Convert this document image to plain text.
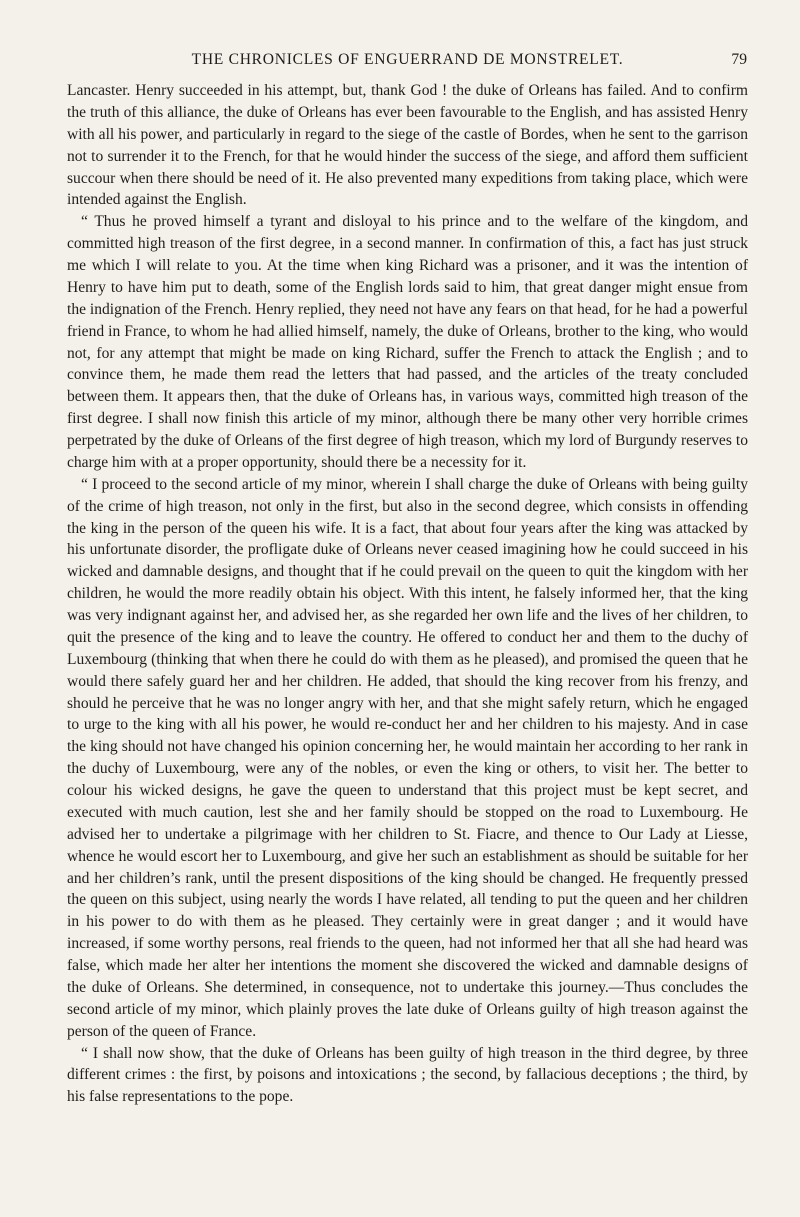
THE CHRONICLES OF ENGUERRAND DE MONSTRELET.	79

Lancaster. Henry succeeded in his attempt, but, thank God ! the duke of Orleans has failed. And to confirm the truth of this alliance, the duke of Orleans has ever been favourable to the English, and has assisted Henry with all his power, and particularly in regard to the siege of the castle of Bordes, when he sent to the garrison not to surrender it to the French, for that he would hinder the success of the siege, and afford them sufficient succour when there should be need of it. He also prevented many expeditions from taking place, which were intended against the English.

“ Thus he proved himself a tyrant and disloyal to his prince and to the welfare of the kingdom, and committed high treason of the first degree, in a second manner. In confirmation of this, a fact has just struck me which I will relate to you. At the time when king Richard was a prisoner, and it was the intention of Henry to have him put to death, some of the English lords said to him, that great danger might ensue from the indignation of the French. Henry replied, they need not have any fears on that head, for he had a powerful friend in France, to whom he had allied himself, namely, the duke of Orleans, brother to the king, who would not, for any attempt that might be made on king Richard, suffer the French to attack the English ; and to convince them, he made them read the letters that had passed, and the articles of the treaty concluded between them. It appears then, that the duke of Orleans has, in various ways, committed high treason of the first degree. I shall now finish this article of my minor, although there be many other very horrible crimes perpetrated by the duke of Orleans of the first degree of high treason, which my lord of Burgundy reserves to charge him with at a proper opportunity, should there be a necessity for it.

“ I proceed to the second article of my minor, wherein I shall charge the duke of Orleans with being guilty of the crime of high treason, not only in the first, but also in the second degree, which consists in offending the king in the person of the queen his wife. It is a fact, that about four years after the king was attacked by his unfortunate disorder, the profligate duke of Orleans never ceased imagining how he could succeed in his wicked and damnable designs, and thought that if he could prevail on the queen to quit the kingdom with her children, he would the more readily obtain his object. With this intent, he falsely informed her, that the king was very indignant against her, and advised her, as she regarded her own life and the lives of her children, to quit the presence of the king and to leave the country. He offered to conduct her and them to the duchy of Luxembourg (thinking that when there he could do with them as he pleased), and promised the queen that he would there safely guard her and her children. He added, that should the king recover from his frenzy, and should he perceive that he was no longer angry with her, and that she might safely return, which he engaged to urge to the king with all his power, he would re-conduct her and her children to his majesty. And in case the king should not have changed his opinion concerning her, he would maintain her according to her rank in the duchy of Luxembourg, were any of the nobles, or even the king or others, to visit her. The better to colour his wicked designs, he gave the queen to understand that this project must be kept secret, and executed with much caution, lest she and her family should be stopped on the road to Luxembourg. He advised her to undertake a pilgrimage with her children to St. Fiacre, and thence to Our Lady at Liesse, whence he would escort her to Luxembourg, and give her such an establishment as should be suitable for her and her children’s rank, until the present dispositions of the king should be changed. He frequently pressed the queen on this subject, using nearly the words I have related, all tending to put the queen and her children in his power to do with them as he pleased. They certainly were in great danger ; and it would have increased, if some worthy persons, real friends to the queen, had not informed her that all she had heard was false, which made her alter her intentions the moment she discovered the wicked and damnable designs of the duke of Orleans. She determined, in consequence, not to undertake this journey.—Thus concludes the second article of my minor, which plainly proves the late duke of Orleans guilty of high treason against the person of the queen of France.

“ I shall now show, that the duke of Orleans has been guilty of high treason in the third degree, by three different crimes : the first, by poisons and intoxications ; the second, by fallacious deceptions ; the third, by his false representations to the pope.
